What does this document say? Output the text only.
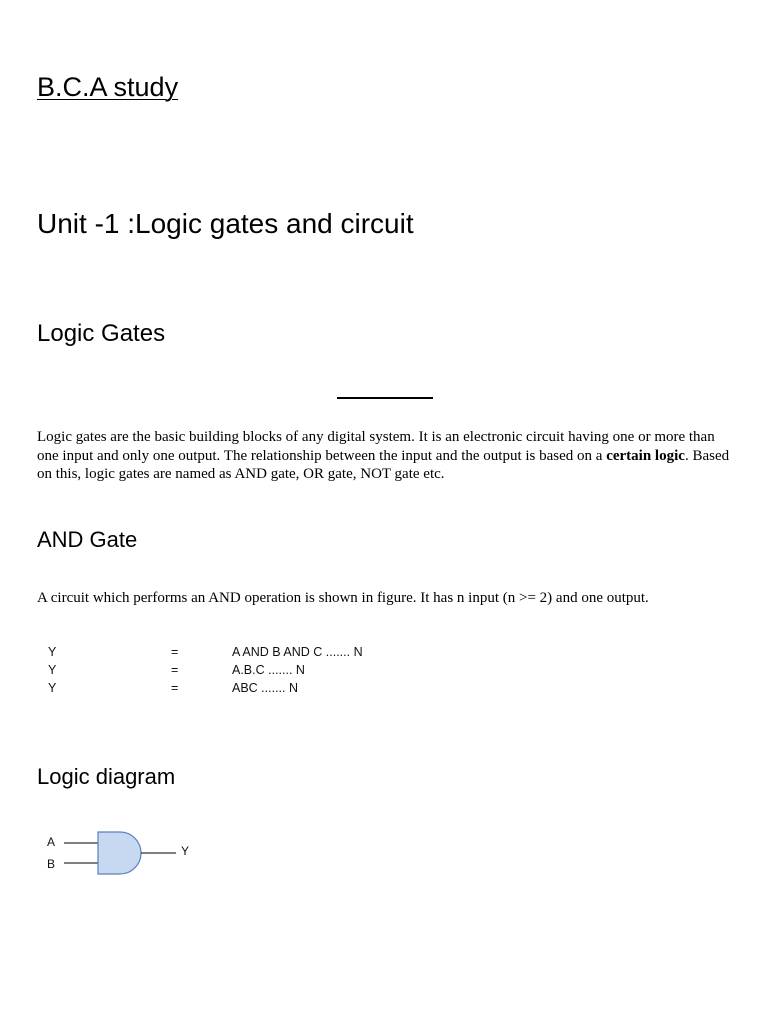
B.C.A study
Unit -1 :Logic gates and circuit
Logic Gates
Logic gates are the basic building blocks of any digital system. It is an electronic circuit having one or more than one input and only one output. The relationship between the input and the output is based on a certain logic. Based on this, logic gates are named as AND gate, OR gate, NOT gate etc.
AND Gate
A circuit which performs an AND operation is shown in figure. It has n input (n >= 2) and one output.
Y	=	A AND B AND C ....... N
Y	=	A.B.C ....... N
Y	=	ABC ....... N
Logic diagram
A
B
Y
